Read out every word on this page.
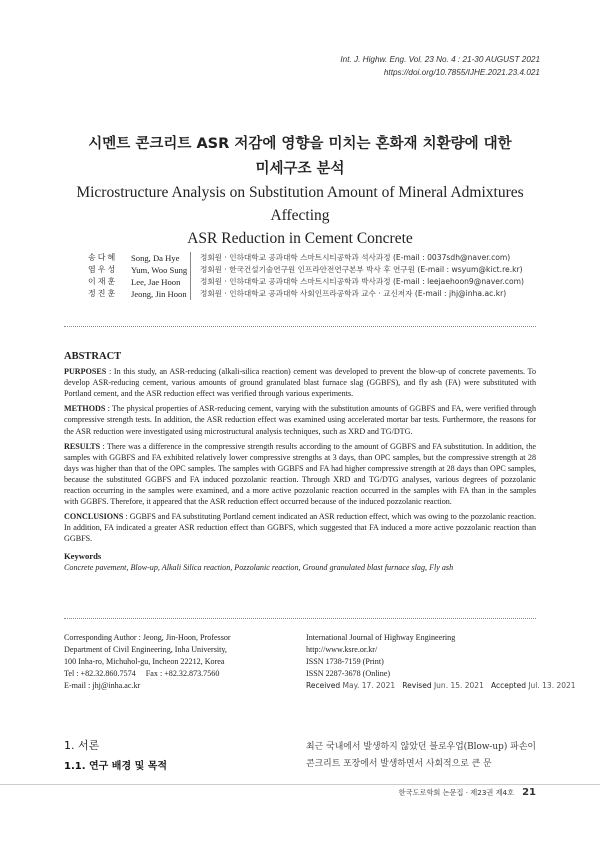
Int. J. Highw. Eng. Vol. 23 No. 4 : 21-30 AUGUST 2021
https://doi.org/10.7855/IJHE.2021.23.4.021
시멘트 콘크리트 ASR 저감에 영향을 미치는 혼화재 치환량에 대한
미세구조 분석
Microstructure Analysis on Substitution Amount of Mineral Admixtures Affecting
ASR Reduction in Cement Concrete
송다혜	Song, Da Hye	정회원 · 인하대학교 공과대학 스마트시티공학과 석사과정 (E-mail : 0037sdh@naver.com)
염우성	Yum, Woo Sung 정회원 · 한국건설기술연구원 인프라안전연구본부 박사 후 연구원 (E-mail : wsyum@kict.re.kr)
이재훈	Lee, Jae Hoon	정회원 · 인하대학교 공과대학 스마트시티공학과 박사과정 (E-mail : leejaehoon9@naver.com)
정진훈	Jeong, Jin Hoon 정회원 · 인하대학교 공과대학 사회인프라공학과 교수 · 교신저자 (E-mail : jhj@inha.ac.kr)
ABSTRACT

PURPOSES : In this study, an ASR-reducing (alkali-silica reaction) cement was developed to prevent the blow-up of concrete pavements. To develop ASR-reducing cement, various amounts of ground granulated blast furnace slag (GGBFS), and fly ash (FA) were substituted with Portland cement, and the ASR reduction effect was verified through various experiments.

METHODS : The physical properties of ASR-reducing cement, varying with the substitution amounts of GGBFS and FA, were verified through compressive strength tests. In addition, the ASR reduction effect was examined using accelerated mortar bar tests. Furthermore, the reasons for the ASR reduction were investigated using microstructural analysis techniques, such as XRD and TG/DTG.

RESULTS : There was a difference in the compressive strength results according to the amount of GGBFS and FA substitution. In addition, the samples with GGBFS and FA exhibited relatively lower compressive strengths at 3 days, than OPC samples, but the compressive strength at 28 days was higher than that of the OPC samples. The samples with GGBFS and FA had higher compressive strength at 28 days than OPC samples, because the substituted GGBFS and FA induced pozzolanic reaction. Through XRD and TG/DTG analyses, various degrees of pozzolanic reaction occurring in the samples were examined, and a more active pozzolanic reaction occurred in the samples with FA than in the samples with GGBFS. Therefore, it appeared that the ASR reduction effect occurred because of the induced pozzolanic reaction.

CONCLUSIONS : GGBFS and FA substituting Portland cement indicated an ASR reduction effect, which was owing to the pozzolanic reaction. In addition, FA indicated a greater ASR reduction effect than GGBFS, which suggested that FA induced a more active pozzolanic reaction than GGBFS.

Keywords
Concrete pavement, Blow-up, Alkali Silica reaction, Pozzolanic reaction, Ground granulated blast furnace slag, Fly ash
Corresponding Author : Jeong, Jin-Hoon, Professor
Department of Civil Engineering, Inha University,
100 Inha-ro, Michuhol-gu, Incheon 22212, Korea
Tel : +82.32.860.7574     Fax : +82.32.873.7560
E-mail : jhj@inha.ac.kr
International Journal of Highway Engineering
http://www.ksre.or.kr/
ISSN 1738-7159 (Print)
ISSN 2287-3678 (Online)
Received May. 17. 2021 Revised Jun. 15. 2021 Accepted Jul. 13. 2021
1. 서론
1.1. 연구 배경 및 목적
최근 국내에서 발생하지 않았던 블로우업(Blow-up) 파손이 콘크리트 포장에서 발생하면서 사회적으로 큰 문
한국도로학회 논문집 · 제23권 제4호 21
